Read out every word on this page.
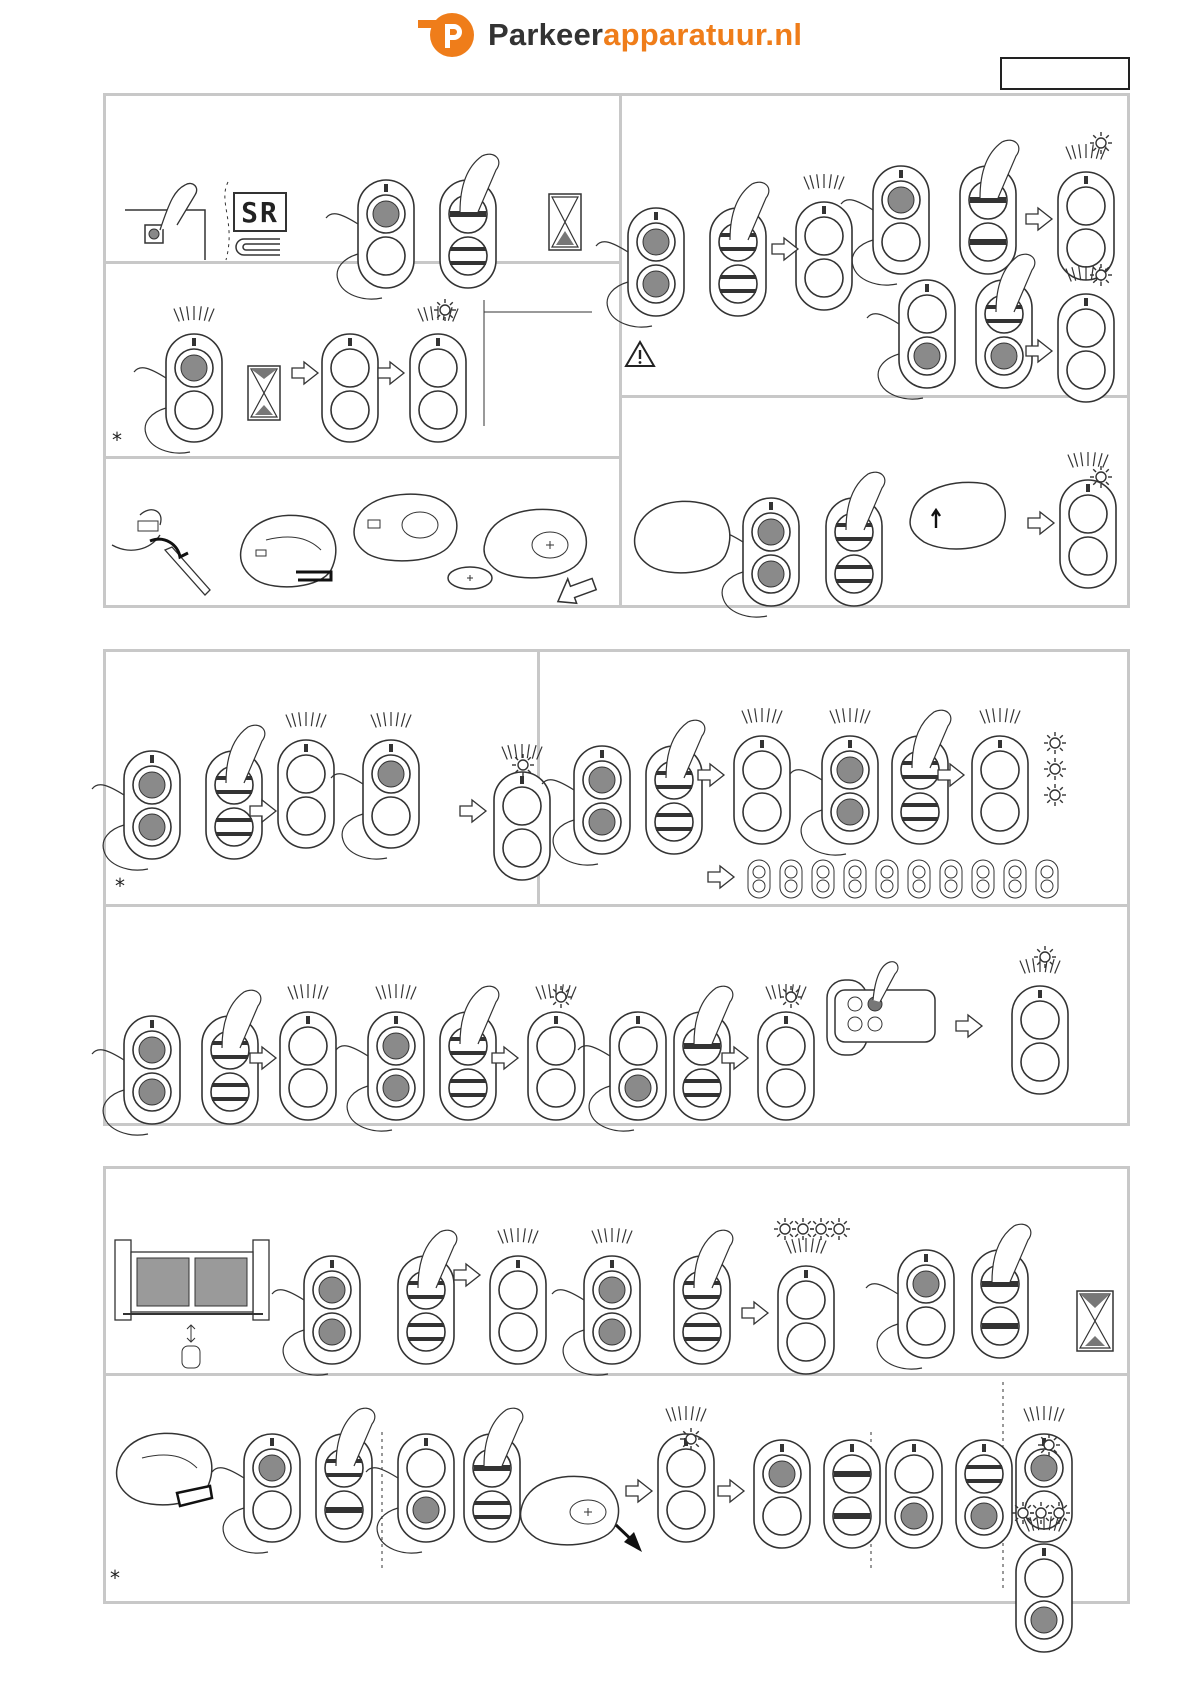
Parkeerapparatuur.nl
SR
*
*
*
